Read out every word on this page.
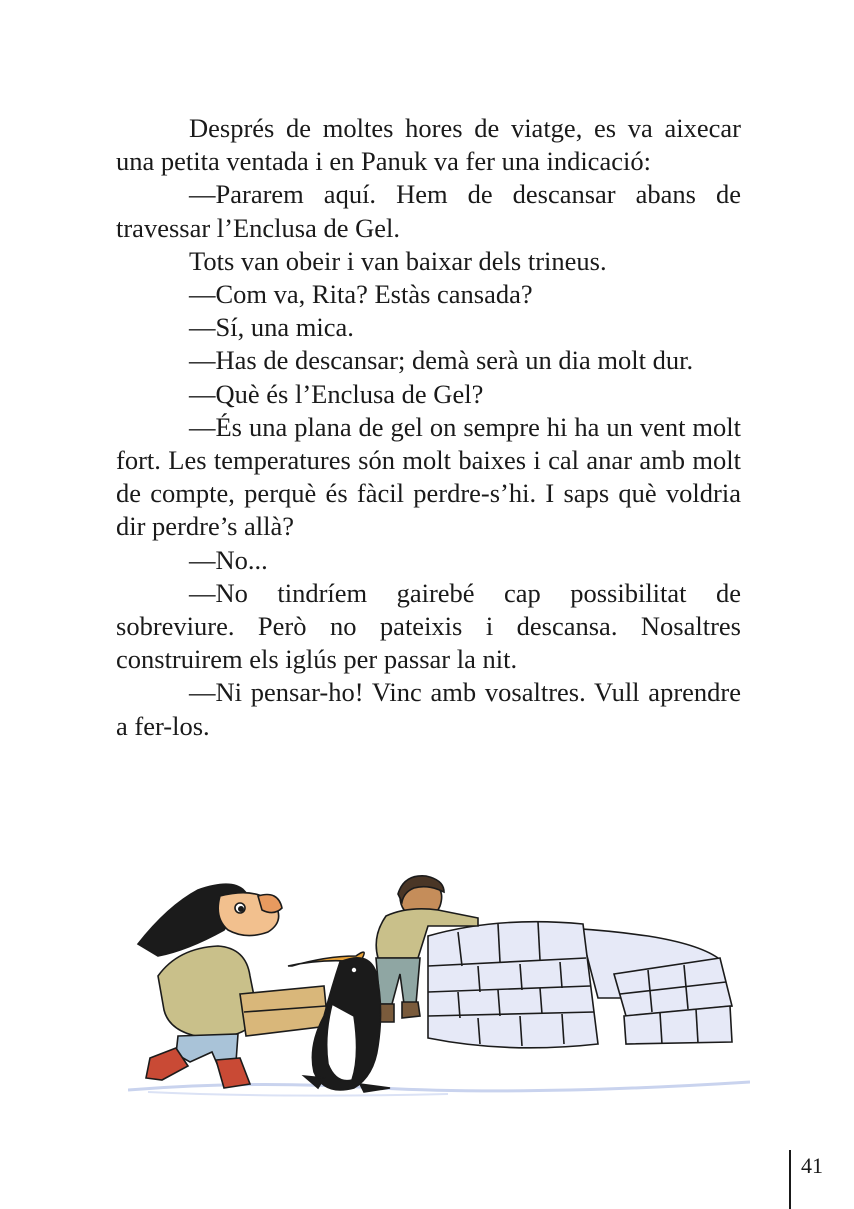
Després de moltes hores de viatge, es va aixecar una petita ventada i en Panuk va fer una indicació:

—Pararem aquí. Hem de descansar abans de travessar l’Enclusa de Gel.

Tots van obeir i van baixar dels trineus.

—Com va, Rita? Estàs cansada?

—Sí, una mica.

—Has de descansar; demà serà un dia molt dur.

—Què és l’Enclusa de Gel?

—És una plana de gel on sempre hi ha un vent molt fort. Les temperatures són molt baixes i cal anar amb molt de compte, perquè és fàcil perdre-s’hi. I saps què voldria dir perdre’s allà?

—No...

—No tindríem gairebé cap possibilitat de sobreviure. Però no pateixis i descansa. Nosaltres construirem els iglús per passar la nit.

—Ni pensar-ho! Vinc amb vosaltres. Vull aprendre a fer-los.

41
